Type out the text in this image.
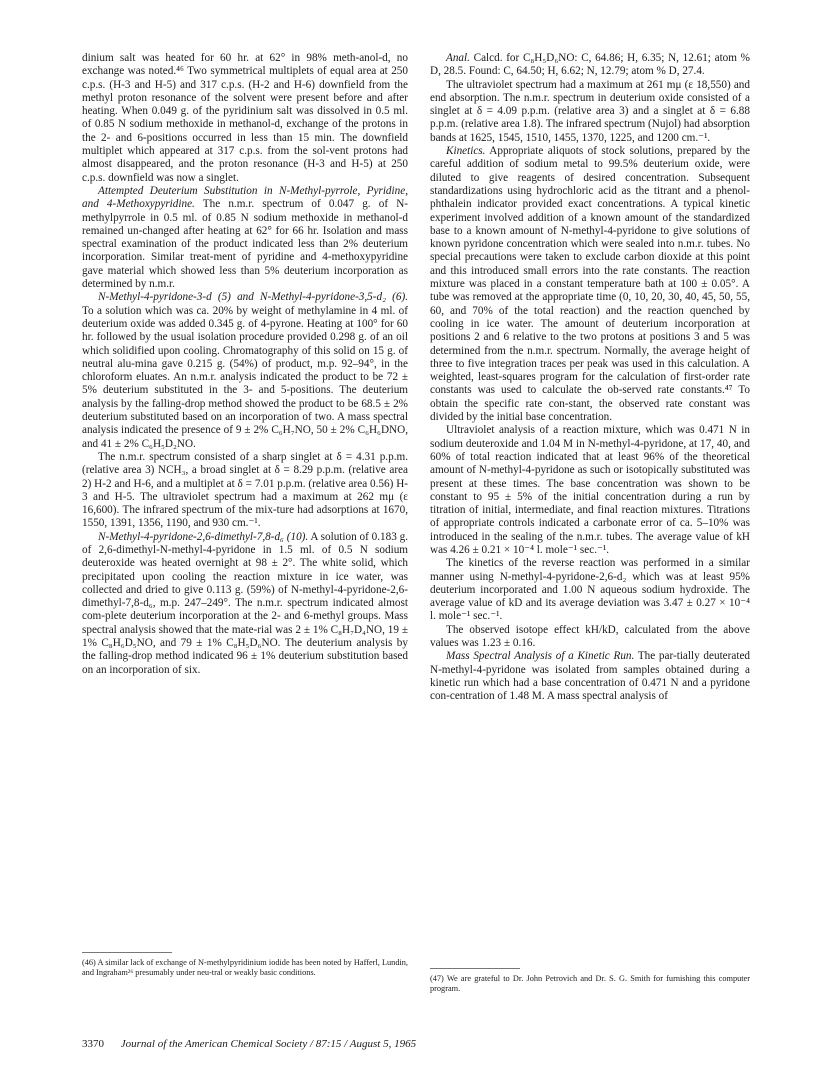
dinium salt was heated for 60 hr. at 62° in 98% meth-anol-d, no exchange was noted.⁴⁶ Two symmetrical multiplets of equal area at 250 c.p.s. (H-3 and H-5) and 317 c.p.s. (H-2 and H-6) downfield from the methyl proton resonance of the solvent were present before and after heating. When 0.049 g. of the pyridinium salt was dissolved in 0.5 ml. of 0.85 N sodium methoxide in methanol-d, exchange of the protons in the 2- and 6-positions occurred in less than 15 min. The downfield multiplet which appeared at 317 c.p.s. from the sol-vent protons had almost disappeared, and the proton resonance (H-3 and H-5) at 250 c.p.s. downfield was now a singlet.

Attempted Deuterium Substitution in N-Methyl-pyrrole, Pyridine, and 4-Methoxypyridine. The n.m.r. spectrum of 0.047 g. of N-methylpyrrole in 0.5 ml. of 0.85 N sodium methoxide in methanol-d remained un-changed after heating at 62° for 66 hr. Isolation and mass spectral examination of the product indicated less than 2% deuterium incorporation. Similar treat-ment of pyridine and 4-methoxypyridine gave material which showed less than 5% deuterium incorporation as determined by n.m.r.

N-Methyl-4-pyridone-3-d (5) and N-Methyl-4-pyridone-3,5-d₂ (6). To a solution which was ca. 20% by weight of methylamine in 4 ml. of deuterium oxide was added 0.345 g. of 4-pyrone. Heating at 100° for 60 hr. followed by the usual isolation procedure provided 0.298 g. of an oil which solidified upon cooling. Chromatography of this solid on 15 g. of neutral alu-mina gave 0.215 g. (54%) of product, m.p. 92–94°, in the chloroform eluates. An n.m.r. analysis indicated the product to be 72 ± 5% deuterium substituted in the 3- and 5-positions. The deuterium analysis by the falling-drop method showed the product to be 68.5 ± 2% deuterium substituted based on an incorporation of two. A mass spectral analysis indicated the presence of 9 ± 2% C₆H₇NO, 50 ± 2% C₆H₆DNO, and 41 ± 2% C₆H₅D₂NO.

The n.m.r. spectrum consisted of a sharp singlet at δ = 4.31 p.p.m. (relative area 3) NCH₃, a broad singlet at δ = 8.29 p.p.m. (relative area 2) H-2 and H-6, and a multiplet at δ = 7.01 p.p.m. (relative area 0.56) H-3 and H-5. The ultraviolet spectrum had a maximum at 262 mμ (ε 16,600). The infrared spectrum of the mix-ture had adsorptions at 1670, 1550, 1391, 1356, 1190, and 930 cm.⁻¹.

N-Methyl-4-pyridone-2,6-dimethyl-7,8-d₆ (10). A solution of 0.183 g. of 2,6-dimethyl-N-methyl-4-pyridone in 1.5 ml. of 0.5 N sodium deuteroxide was heated overnight at 98 ± 2°. The white solid, which precipitated upon cooling the reaction mixture in ice water, was collected and dried to give 0.113 g. (59%) of N-methyl-4-pyridone-2,6-dimethyl-7,8-d₆, m.p. 247–249°. The n.m.r. spectrum indicated almost com-plete deuterium incorporation at the 2- and 6-methyl groups. Mass spectral analysis showed that the mate-rial was 2 ± 1% C₈H₇D₄NO, 19 ± 1% C₈H₆D₅NO, and 79 ± 1% C₈H₅D₆NO. The deuterium analysis by the falling-drop method indicated 96 ± 1% deuterium substitution based on an incorporation of six.

Anal. Calcd. for C₈H₅D₆NO: C, 64.86; H, 6.35; N, 12.61; atom % D, 28.5. Found: C, 64.50; H, 6.62; N, 12.79; atom % D, 27.4.

The ultraviolet spectrum had a maximum at 261 mμ (ε 18,550) and end absorption. The n.m.r. spectrum in deuterium oxide consisted of a singlet at δ = 4.09 p.p.m. (relative area 3) and a singlet at δ = 6.88 p.p.m. (relative area 1.8). The infrared spectrum (Nujol) had absorption bands at 1625, 1545, 1510, 1455, 1370, 1225, and 1200 cm.⁻¹.

Kinetics. Appropriate aliquots of stock solutions, prepared by the careful addition of sodium metal to 99.5% deuterium oxide, were diluted to give reagents of desired concentration. Subsequent standardizations using hydrochloric acid as the titrant and a phenol-phthalein indicator provided exact concentrations. A typical kinetic experiment involved addition of a known amount of the standardized base to a known amount of N-methyl-4-pyridone to give solutions of known pyridone concentration which were sealed into n.m.r. tubes. No special precautions were taken to exclude carbon dioxide at this point and this introduced small errors into the rate constants. The reaction mixture was placed in a constant temperature bath at 100 ± 0.05°. A tube was removed at the appropriate time (0, 10, 20, 30, 40, 45, 50, 55, 60, and 70% of the total reaction) and the reaction quenched by cooling in ice water. The amount of deuterium incorporation at positions 2 and 6 relative to the two protons at positions 3 and 5 was determined from the n.m.r. spectrum. Normally, the average height of three to five integration traces per peak was used in this calculation. A weighted, least-squares program for the calculation of first-order rate constants was used to calculate the ob-served rate constants.⁴⁷ To obtain the specific rate con-stant, the observed rate constant was divided by the initial base concentration.

Ultraviolet analysis of a reaction mixture, which was 0.471 N in sodium deuteroxide and 1.04 M in N-methyl-4-pyridone, at 17, 40, and 60% of total reaction indicated that at least 96% of the theoretical amount of N-methyl-4-pyridone as such or isotopically substituted was present at these times. The base concentration was shown to be constant to 95 ± 5% of the initial concentration during a run by titration of initial, intermediate, and final reaction mixtures. Titrations of appropriate controls indicated a carbonate error of ca. 5–10% was introduced in the sealing of the n.m.r. tubes. The average value of kH was 4.26 ± 0.21 × 10⁻⁴ l. mole⁻¹ sec.⁻¹.

The kinetics of the reverse reaction was performed in a similar manner using N-methyl-4-pyridone-2,6-d₂ which was at least 95% deuterium incorporated and 1.00 N aqueous sodium hydroxide. The average value of kD and its average deviation was 3.47 ± 0.27 × 10⁻⁴ l. mole⁻¹ sec.⁻¹.

The observed isotope effect kH/kD, calculated from the above values was 1.23 ± 0.16.

Mass Spectral Analysis of a Kinetic Run. The par-tially deuterated N-methyl-4-pyridone was isolated from samples obtained during a kinetic run which had a base concentration of 0.471 N and a pyridone con-centration of 1.48 M. A mass spectral analysis of

(46) A similar lack of exchange of N-methylpyridinium iodide has been noted by Hafferl, Lundin, and Ingraham²⁶ presumably under neu-tral or weakly basic conditions.
(47) We are grateful to Dr. John Petrovich and Dr. S. G. Smith for furnishing this computer program.
3370 Journal of the American Chemical Society / 87:15 / August 5, 1965
